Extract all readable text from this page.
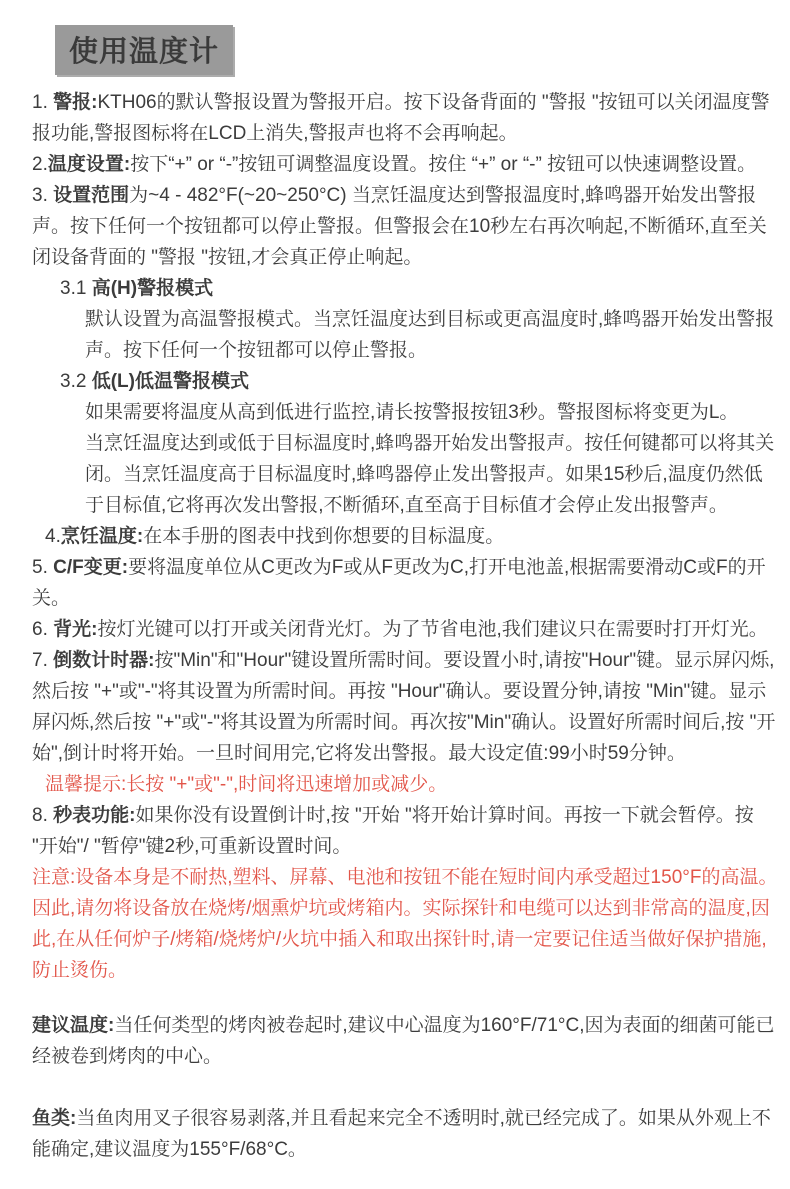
使用温度计

1. 警报:KTH06的默认警报设置为警报开启。按下设备背面的 "警报 "按钮可以关闭温度警报功能,警报图标将在LCD上消失,警报声也将不会再响起。

2.温度设置:按下“+” or “-”按钮可调整温度设置。按住 “+” or “-” 按钮可以快速调整设置。

3. 设置范围为~4 - 482°F(~20~250°C) 当烹饪温度达到警报温度时,蜂鸣器开始发出警报声。按下任何一个按钮都可以停止警报。但警报会在10秒左右再次响起,不断循环,直至关闭设备背面的 "警报 "按钮,才会真正停止响起。

3.1 高(H)警报模式

默认设置为高温警报模式。当烹饪温度达到目标或更高温度时,蜂鸣器开始发出警报声。按下任何一个按钮都可以停止警报。

3.2 低(L)低温警报模式

如果需要将温度从高到低进行监控,请长按警报按钮3秒。警报图标将变更为L。

当烹饪温度达到或低于目标温度时,蜂鸣器开始发出警报声。按任何键都可以将其关闭。当烹饪温度高于目标温度时,蜂鸣器停止发出警报声。如果15秒后,温度仍然低于目标值,它将再次发出警报,不断循环,直至高于目标值才会停止发出报警声。

4.烹饪温度:在本手册的图表中找到你想要的目标温度。

5. C/F变更:要将温度单位从C更改为F或从F更改为C,打开电池盖,根据需要滑动C或F的开关。

6. 背光:按灯光键可以打开或关闭背光灯。为了节省电池,我们建议只在需要时打开灯光。

7. 倒数计时器:按"Min"和"Hour"键设置所需时间。要设置小时,请按"Hour"键。显示屏闪烁,然后按 "+"或"-"将其设置为所需时间。再按 "Hour"确认。要设置分钟,请按 "Min"键。显示屏闪烁,然后按 "+"或"-"将其设置为所需时间。再次按"Min"确认。设置好所需时间后,按 "开始",倒计时将开始。一旦时间用完,它将发出警报。最大设定值:99小时59分钟。

温馨提示:长按 "+"或"-",时间将迅速增加或减少。

8. 秒表功能:如果你没有设置倒计时,按 "开始 "将开始计算时间。再按一下就会暂停。按 "开始"/ "暂停"键2秒,可重新设置时间。

注意:设备本身是不耐热,塑料、屏幕、电池和按钮不能在短时间内承受超过150°F的高温。因此,请勿将设备放在烧烤/烟熏炉坑或烤箱内。实际探针和电缆可以达到非常高的温度,因此,在从任何炉子/烤箱/烧烤炉/火坑中插入和取出探针时,请一定要记住适当做好保护措施,防止烫伤。

建议温度:当任何类型的烤肉被卷起时,建议中心温度为160°F/71°C,因为表面的细菌可能已经被卷到烤肉的中心。

鱼类:当鱼肉用叉子很容易剥落,并且看起来完全不透明时,就已经完成了。如果从外观上不能确定,建议温度为155°F/68°C。
